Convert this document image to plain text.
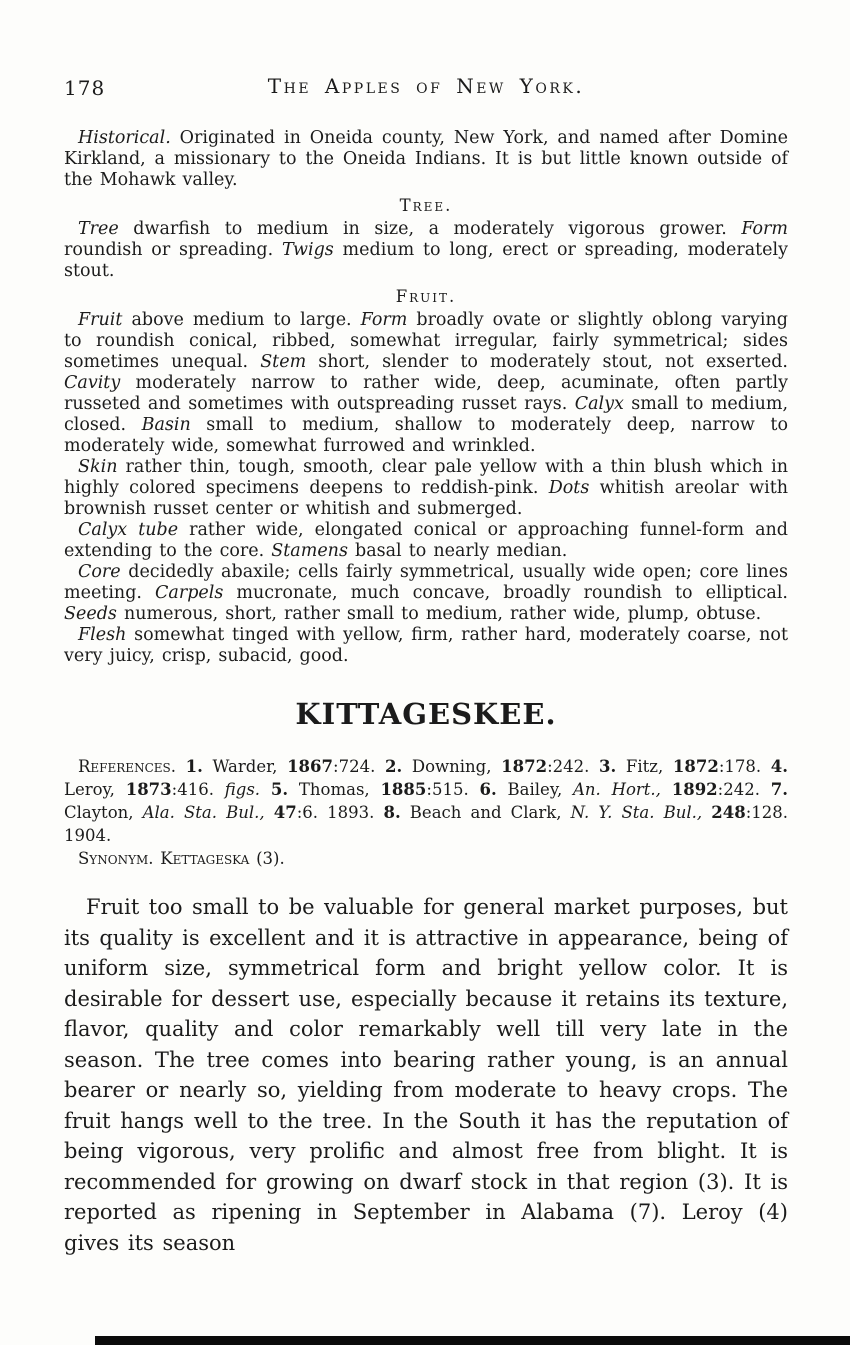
178	The Apples of New York.

Historical. Originated in Oneida county, New York, and named after Domine Kirkland, a missionary to the Oneida Indians. It is but little known outside of the Mohawk valley.

Tree.

Tree dwarfish to medium in size, a moderately vigorous grower. Form roundish or spreading. Twigs medium to long, erect or spreading, moderately stout.

Fruit.

Fruit above medium to large. Form broadly ovate or slightly oblong varying to roundish conical, ribbed, somewhat irregular, fairly symmetrical; sides sometimes unequal. Stem short, slender to moderately stout, not exserted. Cavity moderately narrow to rather wide, deep, acuminate, often partly russeted and sometimes with outspreading russet rays. Calyx small to medium, closed. Basin small to medium, shallow to moderately deep, narrow to moderately wide, somewhat furrowed and wrinkled.

Skin rather thin, tough, smooth, clear pale yellow with a thin blush which in highly colored specimens deepens to reddish-pink. Dots whitish areolar with brownish russet center or whitish and submerged.

Calyx tube rather wide, elongated conical or approaching funnel-form and extending to the core. Stamens basal to nearly median.

Core decidedly abaxile; cells fairly symmetrical, usually wide open; core lines meeting. Carpels mucronate, much concave, broadly roundish to elliptical. Seeds numerous, short, rather small to medium, rather wide, plump, obtuse.

Flesh somewhat tinged with yellow, firm, rather hard, moderately coarse, not very juicy, crisp, subacid, good.

KITTAGESKEE.

References. 1. Warder, 1867:724. 2. Downing, 1872:242. 3. Fitz, 1872:178. 4. Leroy, 1873:416. figs. 5. Thomas, 1885:515. 6. Bailey, An. Hort., 1892:242. 7. Clayton, Ala. Sta. Bul., 47:6. 1893. 8. Beach and Clark, N. Y. Sta. Bul., 248:128. 1904.

Synonym. Kettageska (3).

Fruit too small to be valuable for general market purposes, but its quality is excellent and it is attractive in appearance, being of uniform size, symmetrical form and bright yellow color. It is desirable for dessert use, especially because it retains its texture, flavor, quality and color remarkably well till very late in the season. The tree comes into bearing rather young, is an annual bearer or nearly so, yielding from moderate to heavy crops. The fruit hangs well to the tree. In the South it has the reputation of being vigorous, very prolific and almost free from blight. It is recommended for growing on dwarf stock in that region (3). It is reported as ripening in September in Alabama (7). Leroy (4) gives its season
